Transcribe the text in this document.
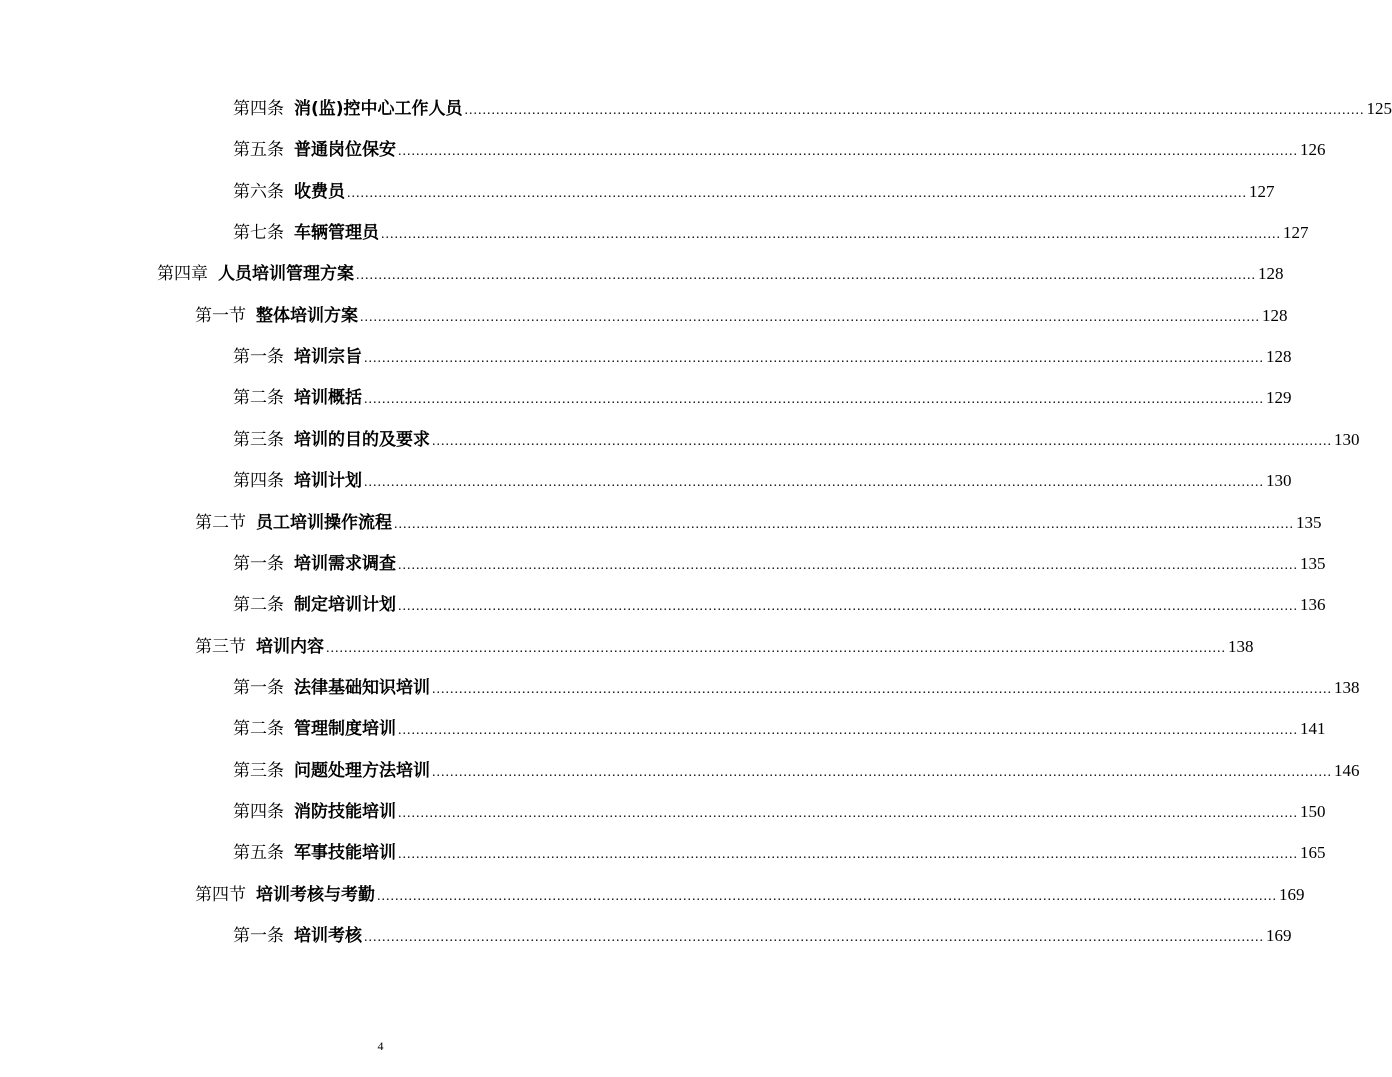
第四条 消(监)控中心工作人员 ........................................................................................................................................................................................................ 125
第五条 普通岗位保安 ........................................................................................................................................................................................................ 126
第六条 收费员 ........................................................................................................................................................................................................ 127
第七条 车辆管理员 ........................................................................................................................................................................................................ 127
第四章 人员培训管理方案 ........................................................................................................................................................................................................ 128
第一节 整体培训方案 ........................................................................................................................................................................................................ 128
第一条 培训宗旨 ........................................................................................................................................................................................................ 128
第二条 培训概括 ........................................................................................................................................................................................................ 129
第三条 培训的目的及要求 ........................................................................................................................................................................................................ 130
第四条 培训计划 ........................................................................................................................................................................................................ 130
第二节 员工培训操作流程 ........................................................................................................................................................................................................ 135
第一条 培训需求调查 ........................................................................................................................................................................................................ 135
第二条 制定培训计划 ........................................................................................................................................................................................................ 136
第三节 培训内容 ........................................................................................................................................................................................................ 138
第一条 法律基础知识培训 ........................................................................................................................................................................................................ 138
第二条 管理制度培训 ........................................................................................................................................................................................................ 141
第三条 问题处理方法培训 ........................................................................................................................................................................................................ 146
第四条 消防技能培训 ........................................................................................................................................................................................................ 150
第五条 军事技能培训 ........................................................................................................................................................................................................ 165
第四节 培训考核与考勤 ........................................................................................................................................................................................................ 169
第一条 培训考核 ........................................................................................................................................................................................................ 169
4
